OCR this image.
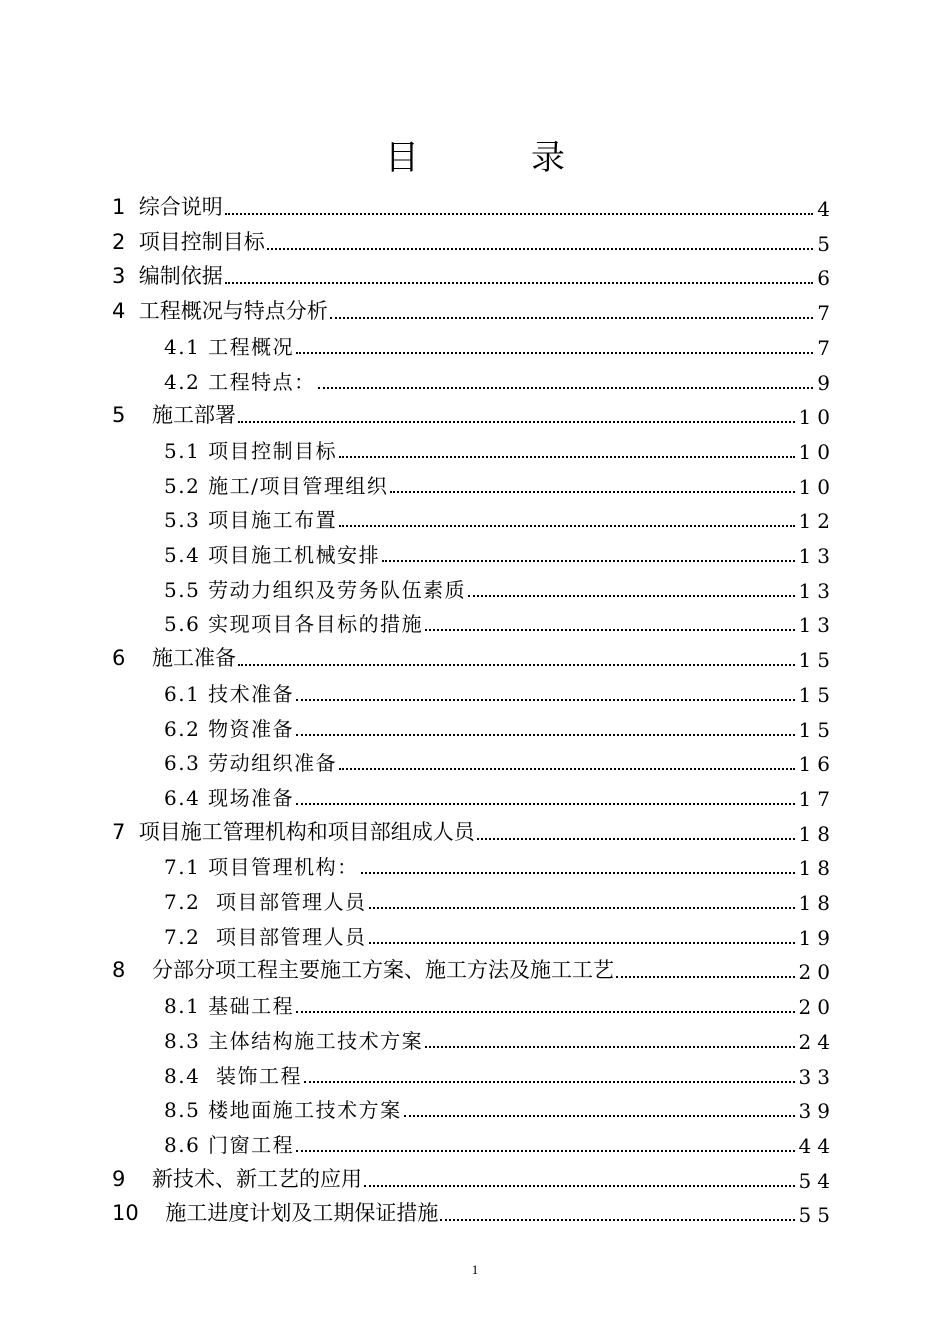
目	录
1  综合说明	4
2  项目控制目标	5
3  编制依据	6
4  工程概况与特点分析	7
4.1 工程概况	7
4.2 工程特点：	9
5    施工部署	10
5.1 项目控制目标	10
5.2 施工/项目管理组织	10
5.3 项目施工布置	12
5.4 项目施工机械安排	13
5.5 劳动力组织及劳务队伍素质	13
5.6 实现项目各目标的措施	13
6    施工准备	15
6.1 技术准备	15
6.2 物资准备	15
6.3 劳动组织准备	16
6.4 现场准备	17
7  项目施工管理机构和项目部组成人员	18
7.1 项目管理机构：	18
7.2  项目部管理人员	18
7.2  项目部管理人员	19
8    分部分项工程主要施工方案、施工方法及施工工艺	20
8.1 基础工程	20
8.3 主体结构施工技术方案	24
8.4  装饰工程	33
8.5 楼地面施工技术方案	39
8.6 门窗工程	44
9    新技术、新工艺的应用	54
10    施工进度计划及工期保证措施	55
1
